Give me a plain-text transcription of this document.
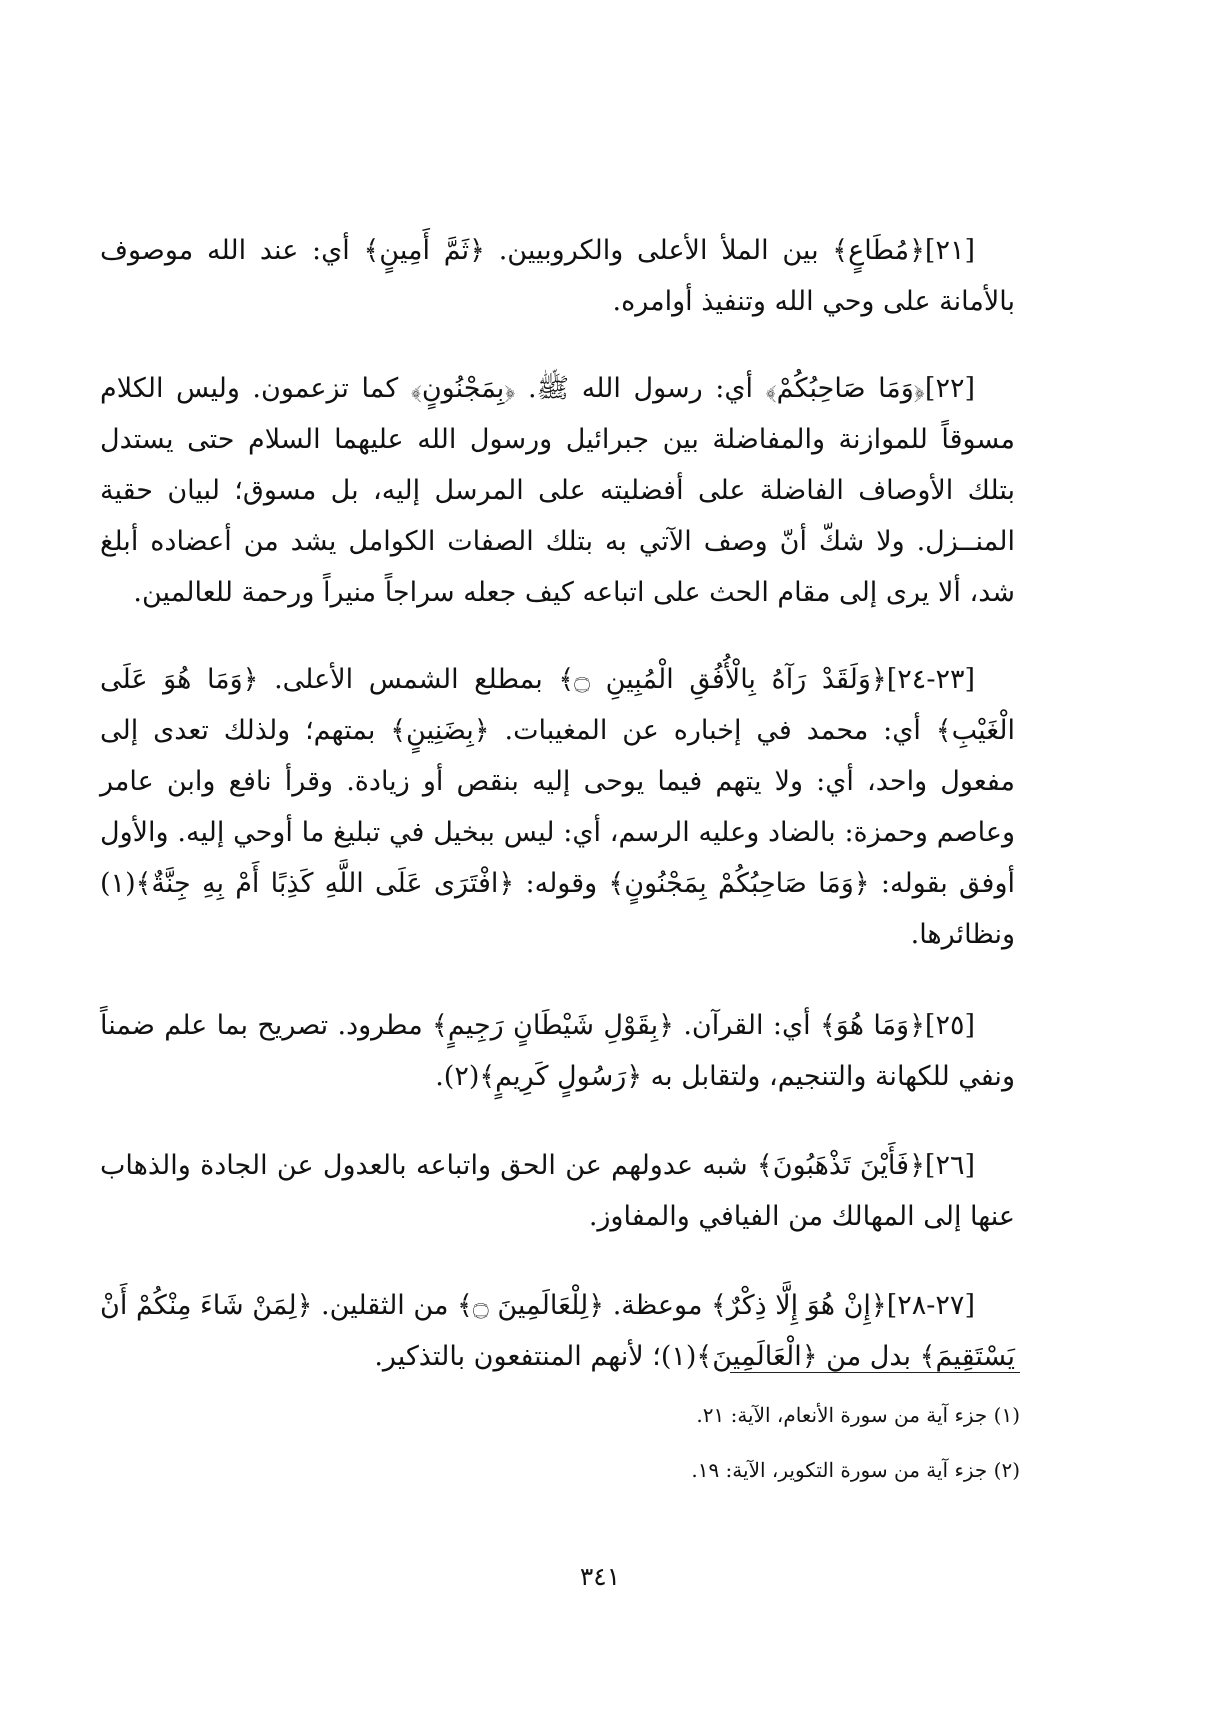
[٢١]﴿مُطَاعٍ﴾ بين الملأ الأعلى والكروبيين. ﴿ثَمَّ أَمِينٍ﴾ أي: عند الله موصوف بالأمانة على وحي الله وتنفيذ أوامره.

[٢٢]﴿وَمَا صَاحِبُكُمْ﴾ أي: رسول الله ﷺ. ﴿بِمَجْنُونٍ﴾ كما تزعمون. وليس الكلام مسوقاً للموازنة والمفاضلة بين جبرائيل ورسول الله عليهما السلام حتى يستدل بتلك الأوصاف الفاضلة على أفضليته على المرسل إليه، بل مسوق؛ لبيان حقية المنــزل. ولا شكّ أنّ وصف الآتي به بتلك الصفات الكوامل يشد من أعضاده أبلغ شد، ألا يرى إلى مقام الحث على اتباعه كيف جعله سراجاً منيراً ورحمة للعالمين.

[٢٣-٢٤]﴿وَلَقَدْ رَآهُ بِالْأُفُقِ الْمُبِينِ ۝﴾ بمطلع الشمس الأعلى. ﴿وَمَا هُوَ عَلَى الْغَيْبِ﴾ أي: محمد في إخباره عن المغيبات. ﴿بِضَنِينٍ﴾ بمتهم؛ ولذلك تعدى إلى مفعول واحد، أي: ولا يتهم فيما يوحى إليه بنقص أو زيادة. وقرأ نافع وابن عامر وعاصم وحمزة: بالضاد وعليه الرسم، أي: ليس ببخيل في تبليغ ما أوحي إليه. والأول أوفق بقوله: ﴿وَمَا صَاحِبُكُمْ بِمَجْنُونٍ﴾ وقوله: ﴿افْتَرَى عَلَى اللَّهِ كَذِبًا أَمْ بِهِ جِنَّةٌ﴾(١) ونظائرها.

[٢٥]﴿وَمَا هُوَ﴾ أي: القرآن. ﴿بِقَوْلِ شَيْطَانٍ رَجِيمٍ﴾ مطرود. تصريح بما علم ضمناً ونفي للكهانة والتنجيم، ولتقابل به ﴿رَسُولٍ كَرِيمٍ﴾(٢).

[٢٦]﴿فَأَيْنَ تَذْهَبُونَ﴾ شبه عدولهم عن الحق واتباعه بالعدول عن الجادة والذهاب عنها إلى المهالك من الفيافي والمفاوز.

[٢٧-٢٨]﴿إِنْ هُوَ إِلَّا ذِكْرٌ﴾ موعظة. ﴿لِلْعَالَمِينَ ۝﴾ من الثقلين. ﴿لِمَنْ شَاءَ مِنْكُمْ أَنْ يَسْتَقِيمَ﴾ بدل من ﴿الْعَالَمِينَ﴾(١)؛ لأنهم المنتفعون بالتذكير.

(١) جزء آية من سورة الأنعام، الآية: ٢١.

(٢) جزء آية من سورة التكوير، الآية: ١٩.

٣٤١
